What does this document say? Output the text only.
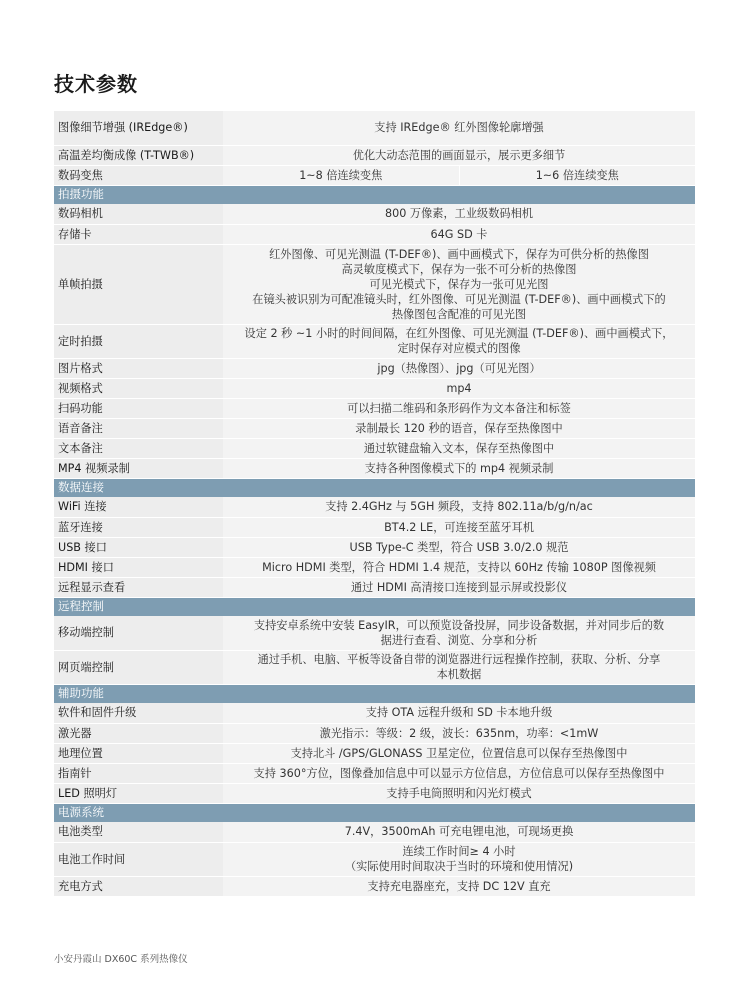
技术参数
图像细节增强 (IREdge®)	支持 IREdge® 红外图像轮廓增强	
高温差均衡成像 (T-TWB®)	优化大动态范围的画面显示，展示更多细节	
数码变焦	1~8 倍连续变焦	1~6 倍连续变焦
拍摄功能		
数码相机	800 万像素，工业级数码相机	
存储卡	64G SD 卡	
单帧拍摄	红外图像、可见光测温 (T-DEF®)、画中画模式下，保存为可供分析的热像图
高灵敏度模式下，保存为一张不可分析的热像图
可见光模式下，保存为一张可见光图
在镜头被识别为可配准镜头时，红外图像、可见光测温 (T-DEF®)、画中画模式下的
热像图包含配准的可见光图	

定时拍摄	设定 2 秒 ~1 小时的时间间隔，在红外图像、可见光测温 (T-DEF®)、画中画模式下，
定时保存对应模式的图像	

图片格式	jpg（热像图）、jpg（可见光图）	
视频格式	mp4	
扫码功能	可以扫描二维码和条形码作为文本备注和标签	
语音备注	录制最长 120 秒的语音，保存至热像图中	
文本备注	通过软键盘输入文本，保存至热像图中	
MP4 视频录制	支持各种图像模式下的 mp4 视频录制	
数据连接		
WiFi 连接	支持 2.4GHz 与 5GH 频段，支持 802.11a/b/g/n/ac	
蓝牙连接	BT4.2 LE，可连接至蓝牙耳机	
USB 接口	USB Type-C 类型，符合 USB 3.0/2.0 规范	
HDMI 接口	Micro HDMI 类型，符合 HDMI 1.4 规范，支持以 60Hz 传输 1080P 图像视频	
远程显示查看	通过 HDMI 高清接口连接到显示屏或投影仪	
远程控制		
移动端控制	支持安卓系统中安装 EasyIR，可以预览设备投屏，同步设备数据，并对同步后的数
据进行查看、浏览、分享和分析	

网页端控制	通过手机、电脑、平板等设备自带的浏览器进行远程操作控制，获取、分析、分享
本机数据	

辅助功能		
软件和固件升级	支持 OTA 远程升级和 SD 卡本地升级	
激光器	激光指示：等级：2 级，波长：635nm，功率：<1mW	
地理位置	支持北斗 /GPS/GLONASS 卫星定位，位置信息可以保存至热像图中	
指南针	支持 360°方位，图像叠加信息中可以显示方位信息，方位信息可以保存至热像图中	
LED 照明灯	支持手电筒照明和闪光灯模式	
电源系统		
电池类型	7.4V，3500mAh 可充电锂电池，可现场更换	
电池工作时间	连续工作时间≥ 4 小时
（实际使用时间取决于当时的环境和使用情况)	

充电方式	支持充电器座充，支持 DC 12V 直充	
小安丹霞山 DX60C 系列热像仪
